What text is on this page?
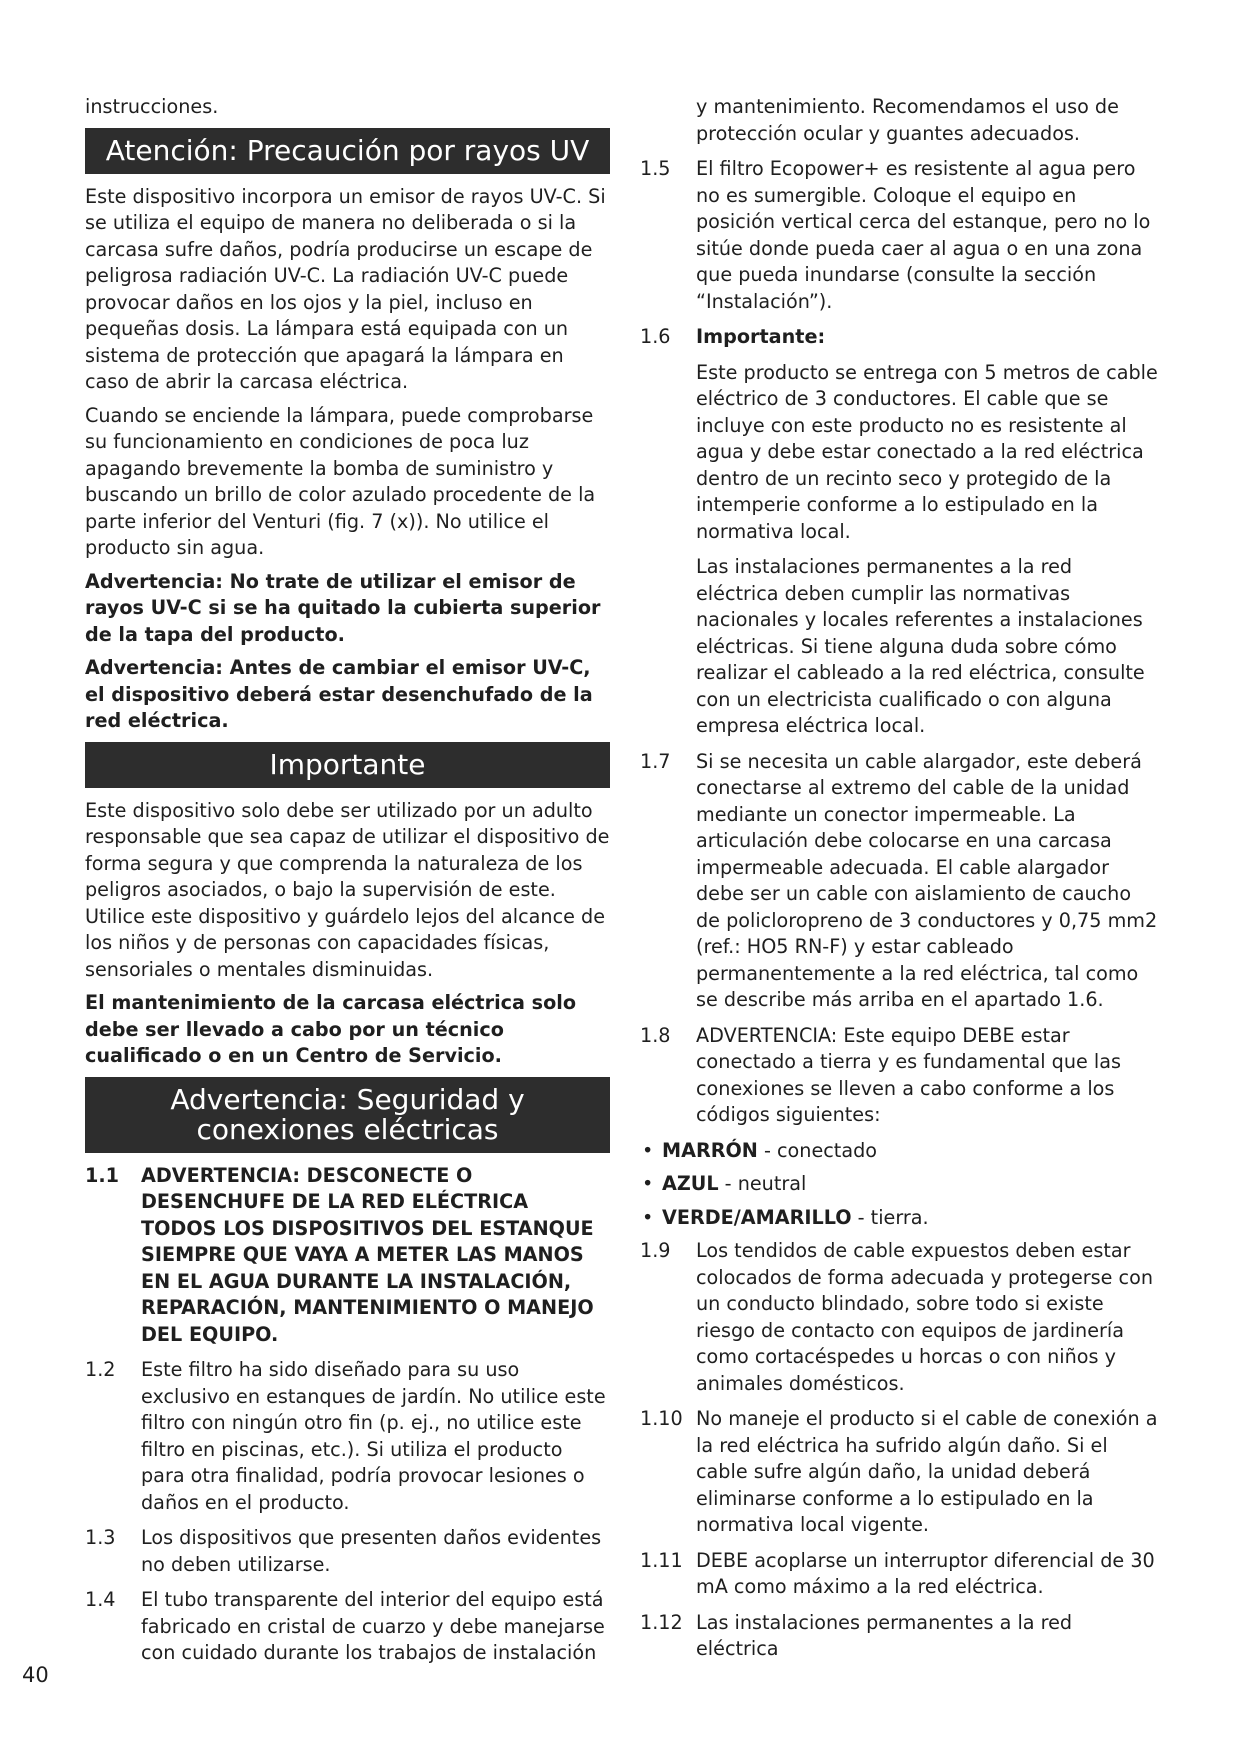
instrucciones.

Atención: Precaución por rayos UV

Este dispositivo incorpora un emisor de rayos UV-C. Si se utiliza el equipo de manera no deliberada o si la carcasa sufre daños, podría producirse un escape de peligrosa radiación UV-C. La radiación UV-C puede provocar daños en los ojos y la piel, incluso en pequeñas dosis. La lámpara está equipada con un sistema de protección que apagará la lámpara en caso de abrir la carcasa eléctrica.

Cuando se enciende la lámpara, puede comprobarse su funcionamiento en condiciones de poca luz apagando brevemente la bomba de suministro y buscando un brillo de color azulado procedente de la parte inferior del Venturi (fig. 7 (x)). No utilice el producto sin agua.

Advertencia: No trate de utilizar el emisor de rayos UV-C si se ha quitado la cubierta superior de la tapa del producto.

Advertencia: Antes de cambiar el emisor UV-C, el dispositivo deberá estar desenchufado de la red eléctrica.

Importante

Este dispositivo solo debe ser utilizado por un adulto responsable que sea capaz de utilizar el dispositivo de forma segura y que comprenda la naturaleza de los peligros asociados, o bajo la supervisión de este. Utilice este dispositivo y guárdelo lejos del alcance de los niños y de personas con capacidades físicas, sensoriales o mentales disminuidas.

El mantenimiento de la carcasa eléctrica solo debe ser llevado a cabo por un técnico cualificado o en un Centro de Servicio.

Advertencia: Seguridad y conexiones eléctricas
1.1 ADVERTENCIA: DESCONECTE O DESENCHUFE DE LA RED ELÉCTRICA TODOS LOS DISPOSITIVOS DEL ESTANQUE SIEMPRE QUE VAYA A METER LAS MANOS EN EL AGUA DURANTE LA INSTALACIÓN, REPARACIÓN, MANTENIMIENTO O MANEJO DEL EQUIPO.
1.2 Este filtro ha sido diseñado para su uso exclusivo en estanques de jardín. No utilice este filtro con ningún otro fin (p. ej., no utilice este filtro en piscinas, etc.). Si utiliza el producto para otra finalidad, podría provocar lesiones o daños en el producto.
1.3 Los dispositivos que presenten daños evidentes no deben utilizarse.
1.4 El tubo transparente del interior del equipo está fabricado en cristal de cuarzo y debe manejarse con cuidado durante los trabajos de instalación
y mantenimiento. Recomendamos el uso de protección ocular y guantes adecuados.
1.5 El filtro Ecopower+ es resistente al agua pero no es sumergible. Coloque el equipo en posición vertical cerca del estanque, pero no lo sitúe donde pueda caer al agua o en una zona que pueda inundarse (consulte la sección “Instalación”).
1.6 Importante:
Este producto se entrega con 5 metros de cable eléctrico de 3 conductores. El cable que se incluye con este producto no es resistente al agua y debe estar conectado a la red eléctrica dentro de un recinto seco y protegido de la intemperie conforme a lo estipulado en la normativa local.
Las instalaciones permanentes a la red eléctrica deben cumplir las normativas nacionales y locales referentes a instalaciones eléctricas. Si tiene alguna duda sobre cómo realizar el cableado a la red eléctrica, consulte con un electricista cualificado o con alguna empresa eléctrica local.
1.7 Si se necesita un cable alargador, este deberá conectarse al extremo del cable de la unidad mediante un conector impermeable. La articulación debe colocarse en una carcasa impermeable adecuada. El cable alargador debe ser un cable con aislamiento de caucho de policloropreno de 3 conductores y 0,75 mm2 (ref.: HO5 RN-F) y estar cableado permanentemente a la red eléctrica, tal como se describe más arriba en el apartado 1.6.
1.8 ADVERTENCIA: Este equipo DEBE estar conectado a tierra y es fundamental que las conexiones se lleven a cabo conforme a los códigos siguientes:
• MARRÓN - conectado
• AZUL - neutral
• VERDE/AMARILLO - tierra.
1.9 Los tendidos de cable expuestos deben estar colocados de forma adecuada y protegerse con un conducto blindado, sobre todo si existe riesgo de contacto con equipos de jardinería como cortacéspedes u horcas o con niños y animales domésticos.
1.10 No maneje el producto si el cable de conexión a la red eléctrica ha sufrido algún daño. Si el cable sufre algún daño, la unidad deberá eliminarse conforme a lo estipulado en la normativa local vigente.
1.11 DEBE acoplarse un interruptor diferencial de 30 mA como máximo a la red eléctrica.
1.12 Las instalaciones permanentes a la red eléctrica
40
